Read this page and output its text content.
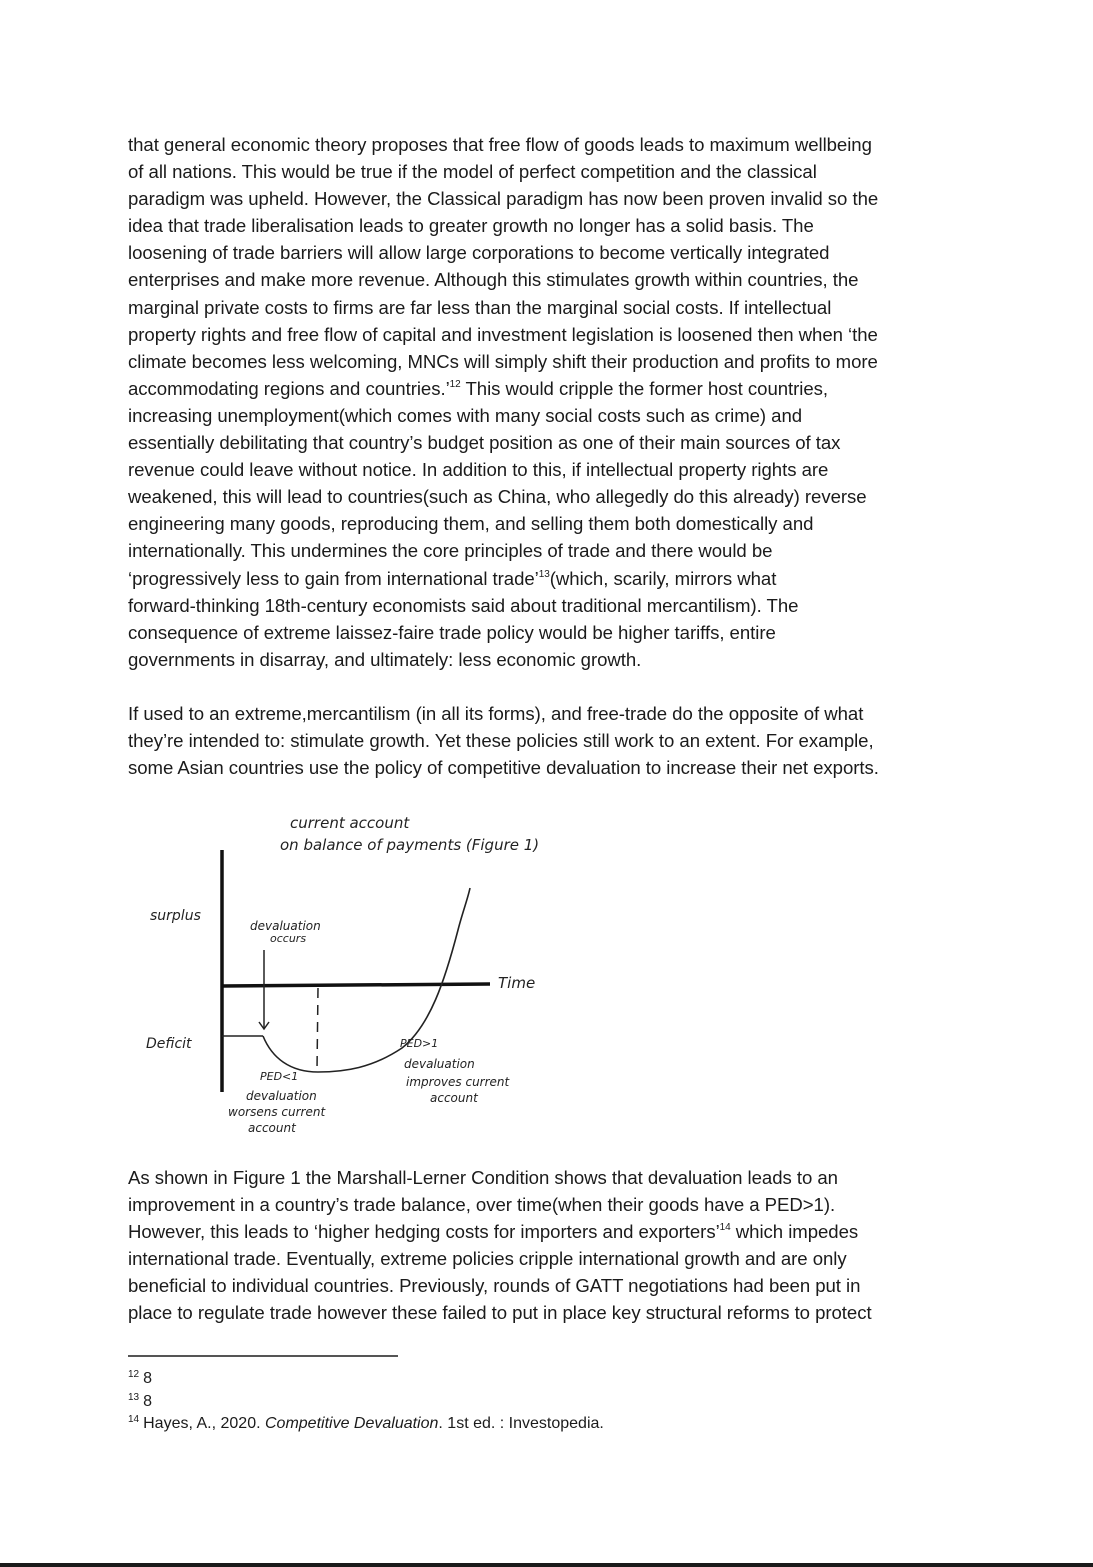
that general economic theory proposes that free flow of goods leads to maximum wellbeing
of all nations. This would be true if the model of perfect competition and the classical
paradigm was upheld. However, the Classical paradigm has now been proven invalid so the
idea that trade liberalisation leads to greater growth no longer has a solid basis. The
loosening of trade barriers will allow large corporations to become vertically integrated
enterprises and make more revenue. Although this stimulates growth within countries, the
marginal private costs to firms are far less than the marginal social costs. If intellectual
property rights and free flow of capital and investment legislation is loosened then when ‘the
climate becomes less welcoming, MNCs will simply shift their production and profits to more
accommodating regions and countries.’$^{12}$ This would cripple the former host countries,
increasing unemployment(which comes with many social costs such as crime) and
essentially debilitating that country’s budget position as one of their main sources of tax
revenue could leave without notice. In addition to this, if intellectual property rights are
weakened, this will lead to countries(such as China, who allegedly do this already) reverse
engineering many goods, reproducing them, and selling them both domestically and
internationally. This undermines the core principles of trade and there would be
‘progressively less to gain from international trade’$^{13}$(which, scarily, mirrors what
forward-thinking 18th-century economists said about traditional mercantilism). The
consequence of extreme laissez-faire trade policy would be higher tariffs, entire
governments in disarray, and ultimately: less economic growth.
If used to an extreme,mercantilism (in all its forms), and free-trade do the opposite of what
they’re intended to: stimulate growth. Yet these policies still work to an extent. For example,
some Asian countries use the policy of competitive devaluation to increase their net exports.
current account
on balance of payments (Figure 1)
Time
surplus
Deficit
devaluation
occurs
PED<1
devaluation
worsens current
account
PED>1
devaluation
improves current
account
As shown in Figure 1 the Marshall-Lerner Condition shows that devaluation leads to an
improvement in a country’s trade balance, over time(when their goods have a PED>1).
However, this leads to ‘higher hedging costs for importers and exporters’$^{14}$ which impedes
international trade. Eventually, extreme policies cripple international growth and are only
beneficial to individual countries. Previously, rounds of GATT negotiations had been put in
place to regulate trade however these failed to put in place key structural reforms to protect
$^{12}$ 8
$^{13}$ 8
$^{14}$ Hayes, A., 2020. Competitive Devaluation. 1st ed. : Investopedia.
